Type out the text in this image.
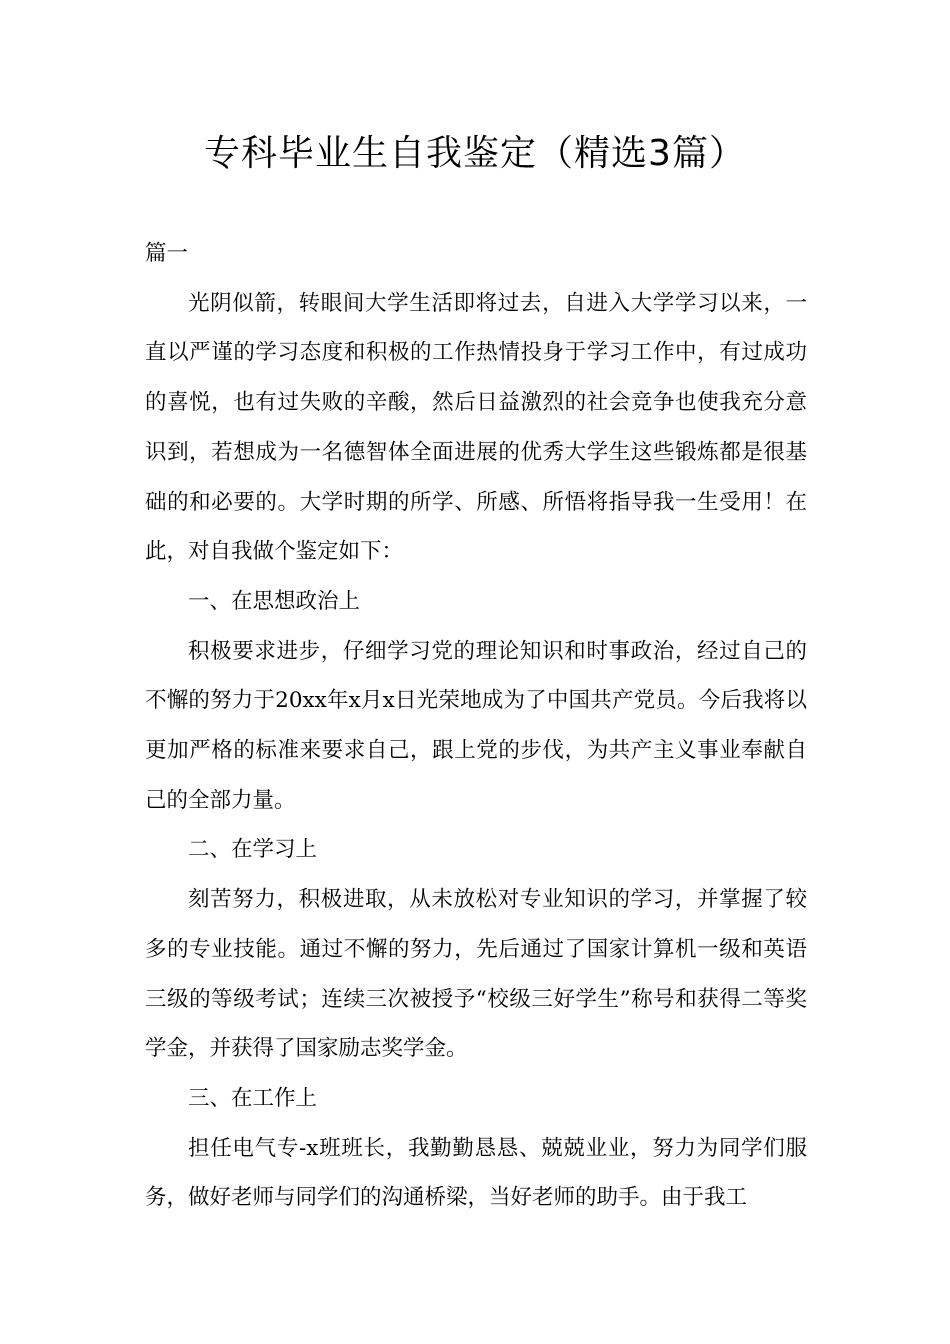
专科毕业生自我鉴定（精选3篇）

篇一

光阴似箭，转眼间大学生活即将过去，自进入大学学习以来，一直以严谨的学习态度和积极的工作热情投身于学习工作中，有过成功的喜悦，也有过失败的辛酸，然后日益激烈的社会竞争也使我充分意识到，若想成为一名德智体全面进展的优秀大学生这些锻炼都是很基础的和必要的。大学时期的所学、所感、所悟将指导我一生受用！在此，对自我做个鉴定如下：

一、在思想政治上

积极要求进步，仔细学习党的理论知识和时事政治，经过自己的不懈的努力于20xx年x月x日光荣地成为了中国共产党员。今后我将以更加严格的标准来要求自己，跟上党的步伐，为共产主义事业奉献自己的全部力量。

二、在学习上

刻苦努力，积极进取，从未放松对专业知识的学习，并掌握了较多的专业技能。通过不懈的努力，先后通过了国家计算机一级和英语三级的等级考试；连续三次被授予“校级三好学生”称号和获得二等奖学金，并获得了国家励志奖学金。

三、在工作上

担任电气专-x班班长，我勤勤恳恳、兢兢业业，努力为同学们服务，做好老师与同学们的沟通桥梁，当好老师的助手。由于我工
